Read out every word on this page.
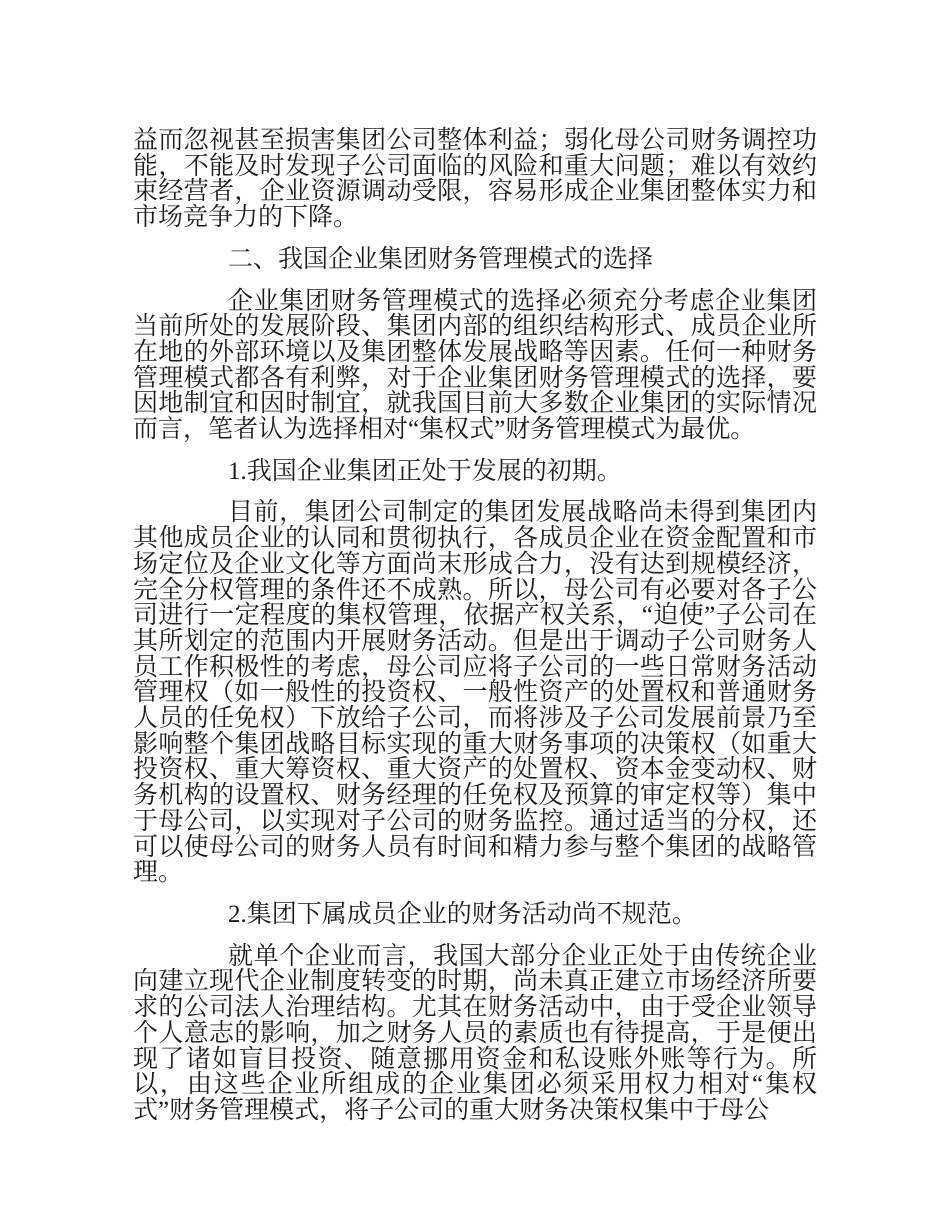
益而忽视甚至损害集团公司整体利益；弱化母公司财务调控功能，不能及时发现子公司面临的风险和重大问题；难以有效约束经营者，企业资源调动受限，容易形成企业集团整体实力和市场竞争力的下降。

二、我国企业集团财务管理模式的选择

企业集团财务管理模式的选择必须充分考虑企业集团当前所处的发展阶段、集团内部的组织结构形式、成员企业所在地的外部环境以及集团整体发展战略等因素。任何一种财务管理模式都各有利弊，对于企业集团财务管理模式的选择，要因地制宜和因时制宜，就我国目前大多数企业集团的实际情况而言，笔者认为选择相对“集权式”财务管理模式为最优。

1.我国企业集团正处于发展的初期。

目前，集团公司制定的集团发展战略尚未得到集团内其他成员企业的认同和贯彻执行，各成员企业在资金配置和市场定位及企业文化等方面尚末形成合力，没有达到规模经济，完全分权管理的条件还不成熟。所以，母公司有必要对各子公司进行一定程度的集权管理，依据产权关系，“迫使”子公司在其所划定的范围内开展财务活动。但是出于调动子公司财务人员工作积极性的考虑，母公司应将子公司的一些日常财务活动管理权（如一般性的投资权、一般性资产的处置权和普通财务人员的任免权）下放给子公司，而将涉及子公司发展前景乃至影响整个集团战略目标实现的重大财务事项的决策权（如重大投资权、重大筹资权、重大资产的处置权、资本金变动权、财务机构的设置权、财务经理的任免权及预算的审定权等）集中于母公司，以实现对子公司的财务监控。通过适当的分权，还可以使母公司的财务人员有时间和精力参与整个集团的战略管理。

2.集团下属成员企业的财务活动尚不规范。

就单个企业而言，我国大部分企业正处于由传统企业向建立现代企业制度转变的时期，尚未真正建立市场经济所要求的公司法人治理结构。尤其在财务活动中，由于受企业领导个人意志的影响，加之财务人员的素质也有待提高，于是便出现了诸如盲目投资、随意挪用资金和私设账外账等行为。所以，由这些企业所组成的企业集团必须采用权力相对“集权式”财务管理模式，将子公司的重大财务决策权集中于母公
